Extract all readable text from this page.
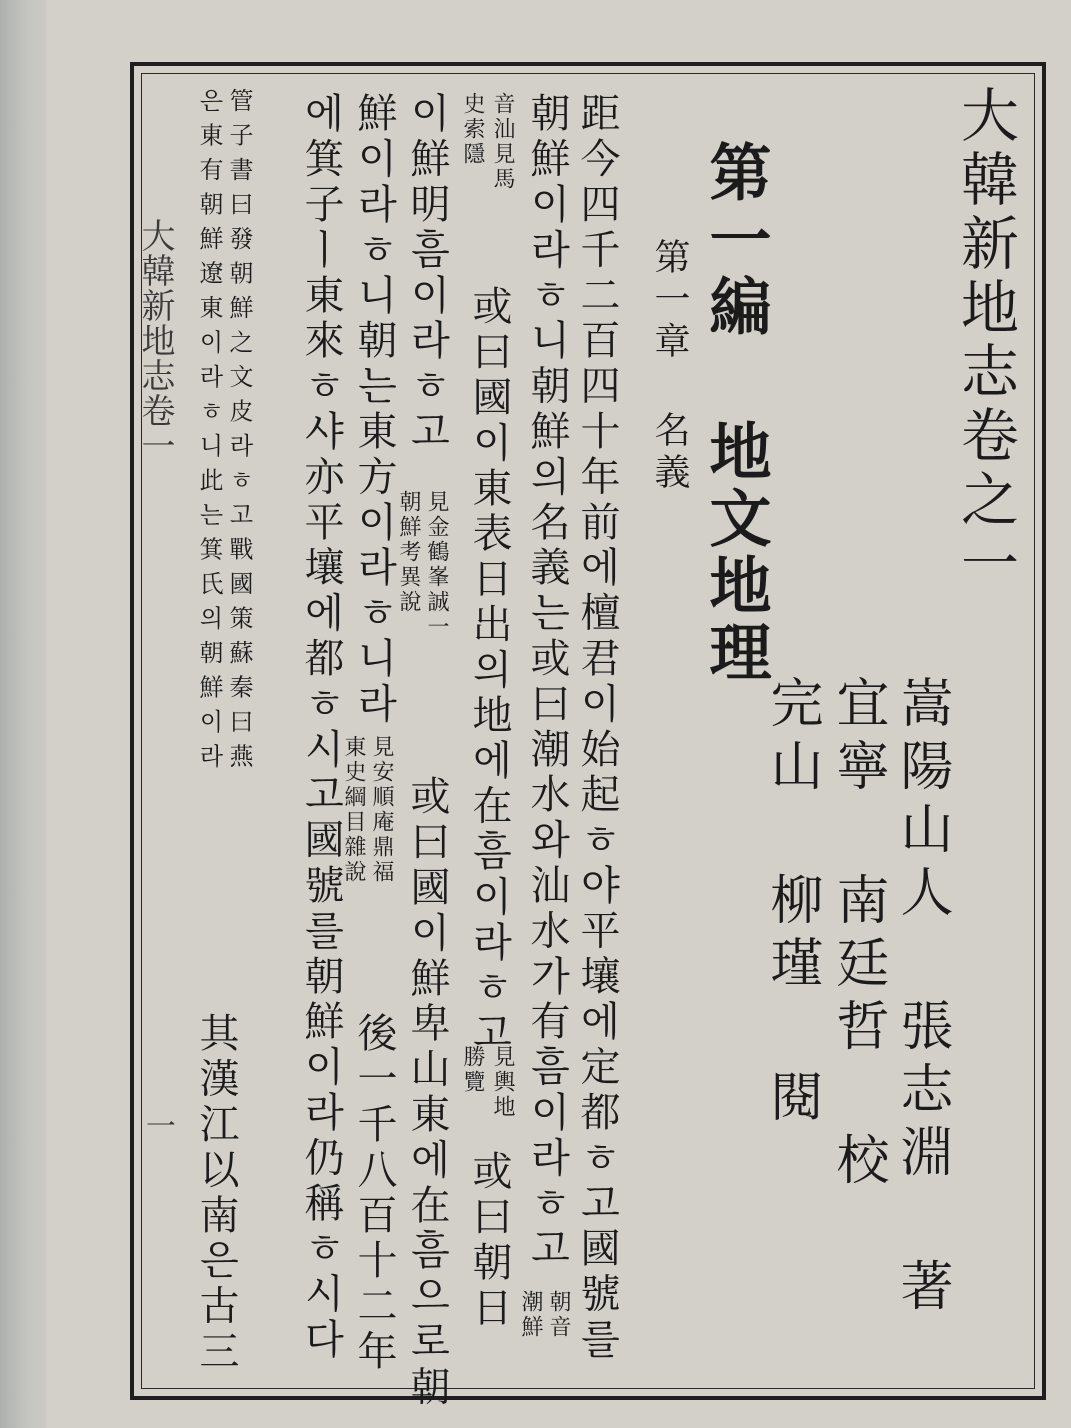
大韓新地志卷一
一
大韓新地志卷之一
嵩陽山人 張志淵 著
宜寧 南廷哲 校
完山 柳瑾 閱
第一編 地文地理
第一章 名義
距今四千二百四十年前에檀君이始起ㅎ야平壤에定都ㅎ고國號를
朝鮮이라ㅎ니朝鮮의名義는或曰潮水와汕水가有흠이라ㅎ고
朝音
潮鮮
音汕見馬
史索隱
或曰國이東表日出의地에在흠이라ㅎ고
見輿地
勝覽
或曰朝日
이鮮明흠이라ㅎ고
見金鶴峯誠一
朝鮮考異說
或曰國이鮮卑山東에在흠으로朝
鮮이라ㅎ니朝는東方이라ㅎ니라
見安順庵鼎福
東史綱目雜說
後一千八百十二年
에箕子ㅣ東來ㅎ샤亦平壤에都ㅎ시고國號를朝鮮이라仍稱ㅎ시다
管子書曰發朝鮮之文皮라ㅎ고戰國策蘇秦曰燕
은東有朝鮮遼東이라ㅎ니此는箕氏의朝鮮이라
其漢江以南은古三
